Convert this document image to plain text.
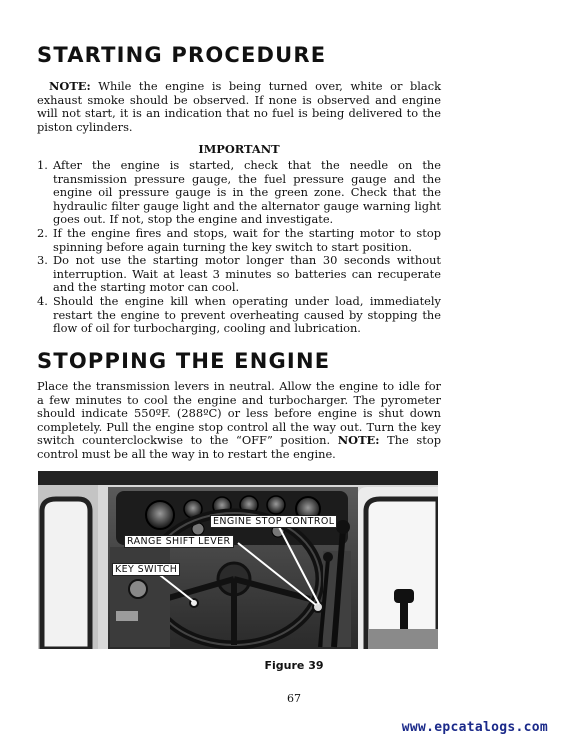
STARTING PROCEDURE

NOTE: While the engine is being turned over, white or black exhaust smoke should be observed. If none is observed and engine will not start, it is an indication that no fuel is being delivered to the piston cylinders.

IMPORTANT

1. After the engine is started, check that the needle on the transmission pressure gauge, the fuel pressure gauge and the engine oil pressure gauge is in the green zone. Check that the hydraulic filter gauge light and the alternator gauge warning light goes out. If not, stop the engine and investigate.
2. If the engine fires and stops, wait for the starting motor to stop spinning before again turning the key switch to start position.
3. Do not use the starting motor longer than 30 seconds without interruption. Wait at least 3 minutes so batteries can recuperate and the starting motor can cool.
4. Should the engine kill when operating under load, immediately restart the engine to prevent overheating caused by stopping the flow of oil for turbocharging, cooling and lubrication.
STOPPING THE ENGINE

Place the transmission levers in neutral. Allow the engine to idle for a few minutes to cool the engine and turbocharger. The pyrometer should indicate 550ºF. (288ºC) or less before engine is shut down completely. Pull the engine stop control all the way out. Turn the key switch counterclockwise to the “OFF” position. NOTE: The stop control must be all the way in to restart the engine.

ENGINE STOP CONTROL
RANGE SHIFT LEVER
KEY SWITCH
Figure 39
67
www.epcatalogs.com
